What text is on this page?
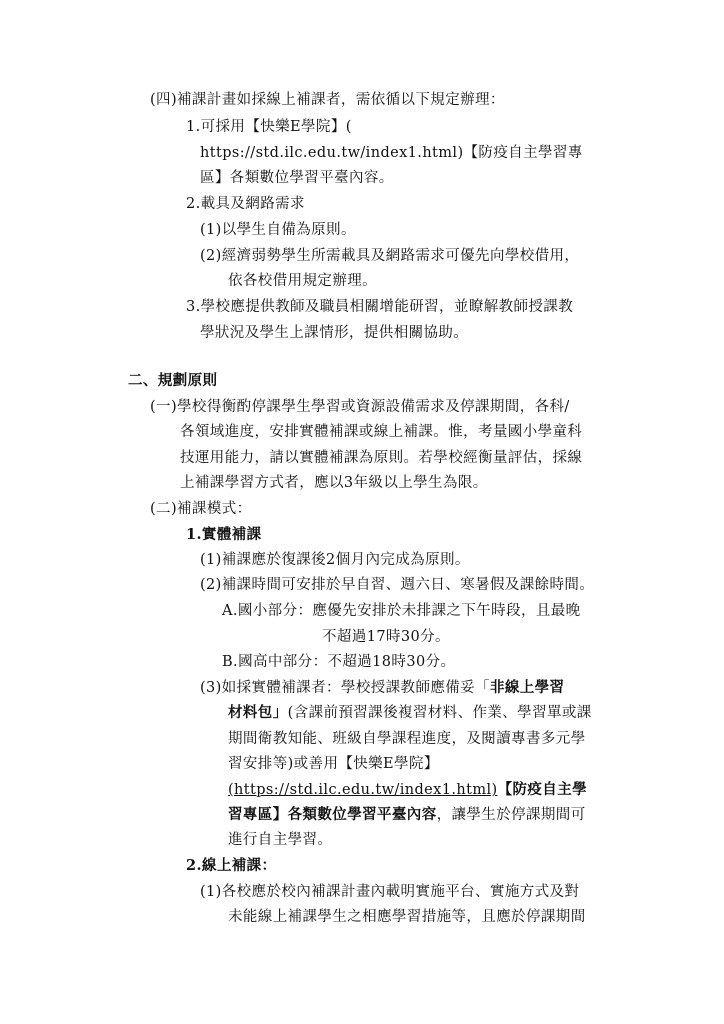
(四)補課計畫如採線上補課者，需依循以下規定辦理：
1.可採用【快樂E學院】(
https://std.ilc.edu.tw/index1.html)【防疫自主學習專
區】各類數位學習平臺內容。
2.載具及網路需求
(1)以學生自備為原則。
(2)經濟弱勢學生所需載具及網路需求可優先向學校借用，
依各校借用規定辦理。
3.學校應提供教師及職員相關增能研習，並瞭解教師授課教
學狀況及學生上課情形，提供相關協助。
二、規劃原則
(一)學校得衡酌停課學生學習或資源設備需求及停課期間，各科/
各領域進度，安排實體補課或線上補課。惟，考量國小學童科
技運用能力，請以實體補課為原則。若學校經衡量評估，採線
上補課學習方式者，應以3年級以上學生為限。
(二)補課模式：
1.實體補課
(1)補課應於復課後2個月內完成為原則。
(2)補課時間可安排於早自習、週六日、寒暑假及課餘時間。
A.國小部分：應優先安排於未排課之下午時段，且最晚
不超過17時30分。
B.國高中部分：不超過18時30分。
(3)如採實體補課者：學校授課教師應備妥「非線上學習
材料包」(含課前預習課後複習材料、作業、學習單或課
期間衛教知能、班級自學課程進度，及閱讀專書多元學
習安排等)或善用【快樂E學院】
(https://std.ilc.edu.tw/index1.html)【防疫自主學
習專區】各類數位學習平臺內容，讓學生於停課期間可
進行自主學習。
2.線上補課：
(1)各校應於校內補課計畫內載明實施平台、實施方式及對
未能線上補課學生之相應學習措施等，且應於停課期間
